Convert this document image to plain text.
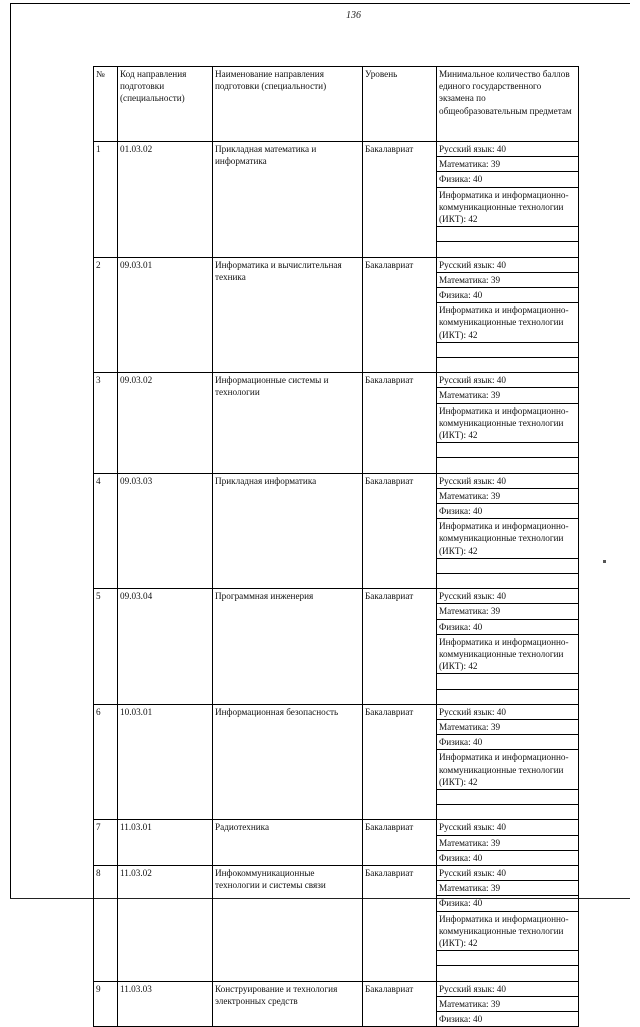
136
№	Код направления подготовки (специальности)	Наименование направления подготовки (специальности)	Уровень	Минимальное количество баллов единого государственного экзамена по общеобразовательным предметам
1	01.03.02	Прикладная математика и информатика	Бакалавриат	Русский язык: 40
				Математика: 39
				Физика: 40
				Информатика и информационно-коммуникационные технологии (ИКТ): 42

2	09.03.01	Информатика и вычислительная техника	Бакалавриат	Русский язык: 40
				Математика: 39
				Физика: 40
				Информатика и информационно-коммуникационные технологии (ИКТ): 42

3	09.03.02	Информационные системы и технологии	Бакалавриат	Русский язык: 40
				Математика: 39
				Информатика и информационно-коммуникационные технологии (ИКТ): 42

4	09.03.03	Прикладная информатика	Бакалавриат	Русский язык: 40
				Математика: 39
				Физика: 40
				Информатика и информационно-коммуникационные технологии (ИКТ): 42

5	09.03.04	Программная инженерия	Бакалавриат	Русский язык: 40
				Математика: 39
				Физика: 40
				Информатика и информационно-коммуникационные технологии (ИКТ): 42

6	10.03.01	Информационная безопасность	Бакалавриат	Русский язык: 40
				Математика: 39
				Физика: 40
				Информатика и информационно-коммуникационные технологии (ИКТ): 42

7	11.03.01	Радиотехника	Бакалавриат	Русский язык: 40
				Математика: 39
				Физика: 40
8	11.03.02	Инфокоммуникационные технологии и системы связи	Бакалавриат	Русский язык: 40
				Математика: 39
				Физика: 40
				Информатика и информационно-коммуникационные технологии (ИКТ): 42

9	11.03.03	Конструирование и технология электронных средств	Бакалавриат	Русский язык: 40
				Математика: 39
				Физика: 40
